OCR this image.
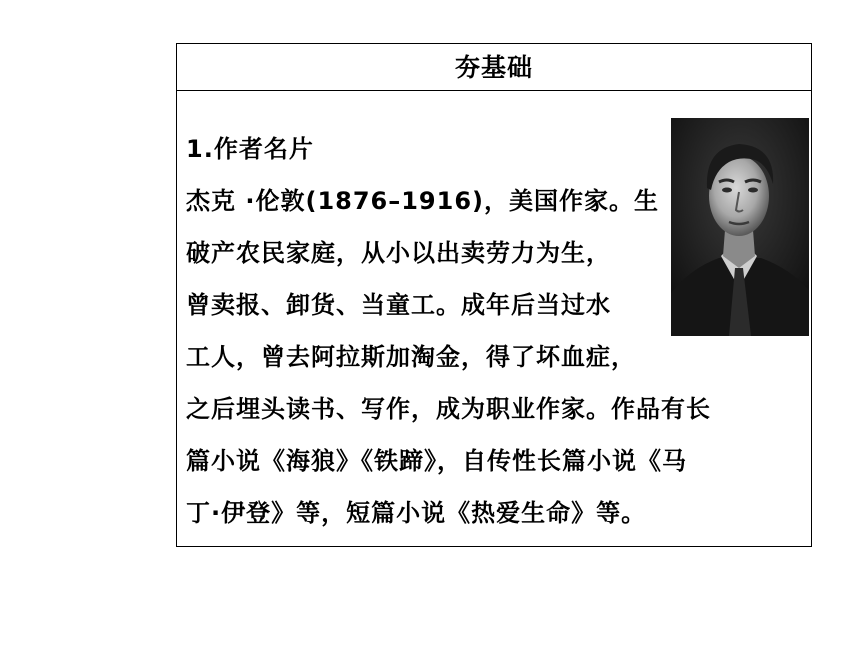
夯基础
1.作者名片
杰克 ·伦敦(1876–1916)，美国作家。生
破产农民家庭，从小以出卖劳力为生，
曾卖报、卸货、当童工。成年后当过水
工人，曾去阿拉斯加淘金，得了坏血症，
之后埋头读书、写作，成为职业作家。作品有长
篇小说《海狼》《铁蹄》，自传性长篇小说《马
丁·伊登》等，短篇小说《热爱生命》等。
